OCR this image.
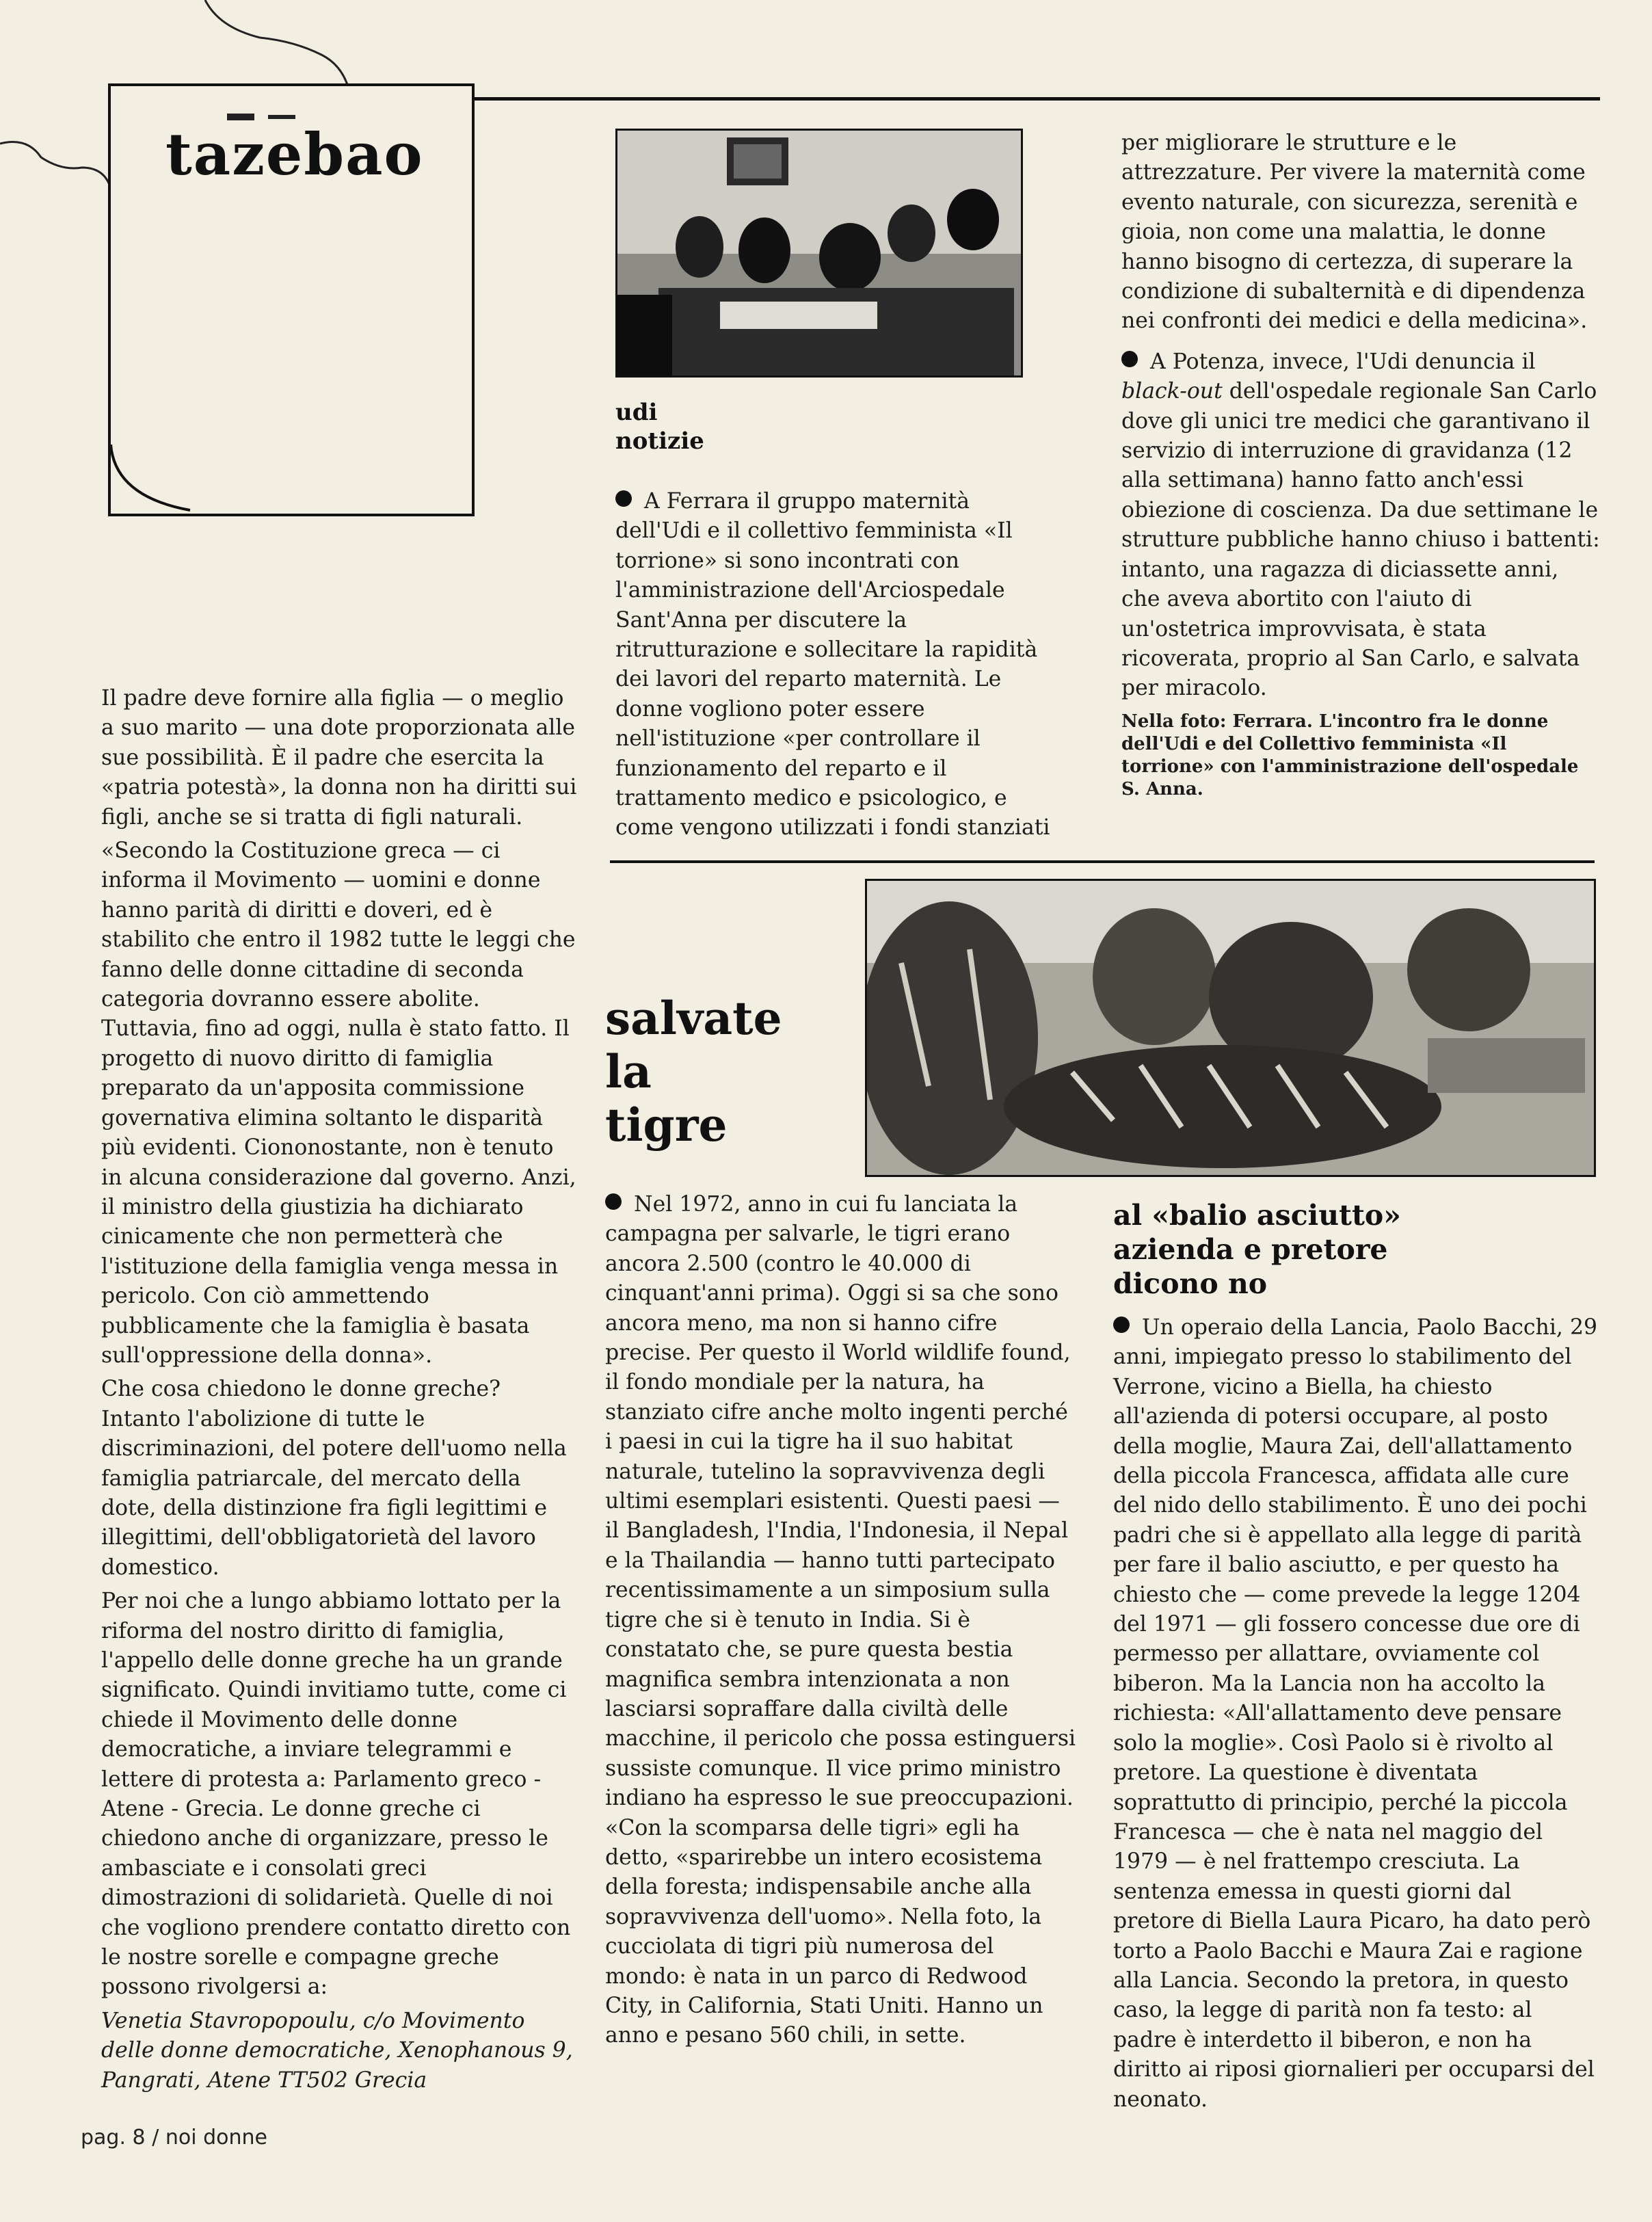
tazebao

Il padre deve fornire alla figlia — o meglio a suo marito — una dote proporzionata alle sue possibilità. È il padre che esercita la «patria potestà», la donna non ha diritti sui figli, anche se si tratta di figli naturali.

«Secondo la Costituzione greca — ci informa il Movimento — uomini e donne hanno parità di diritti e doveri, ed è stabilito che entro il 1982 tutte le leggi che fanno delle donne cittadine di seconda categoria dovranno essere abolite. Tuttavia, fino ad oggi, nulla è stato fatto. Il progetto di nuovo diritto di famiglia preparato da un'apposita commissione governativa elimina soltanto le disparità più evidenti. Ciononostante, non è tenuto in alcuna considerazione dal governo. Anzi, il ministro della giustizia ha dichiarato cinicamente che non permetterà che l'istituzione della famiglia venga messa in pericolo. Con ciò ammettendo pubblicamente che la famiglia è basata sull'oppressione della donna».

Che cosa chiedono le donne greche? Intanto l'abolizione di tutte le discriminazioni, del potere dell'uomo nella famiglia patriarcale, del mercato della dote, della distinzione fra figli legittimi e illegittimi, dell'obbligatorietà del lavoro domestico.

Per noi che a lungo abbiamo lottato per la riforma del nostro diritto di famiglia, l'appello delle donne greche ha un grande significato. Quindi invitiamo tutte, come ci chiede il Movimento delle donne democratiche, a inviare telegrammi e lettere di protesta a: Parlamento greco - Atene - Grecia. Le donne greche ci chiedono anche di organizzare, presso le ambasciate e i consolati greci dimostrazioni di solidarietà. Quelle di noi che vogliono prendere contatto diretto con le nostre sorelle e compagne greche possono rivolgersi a:

Venetia Stavropopoulu, c/o Movimento delle donne democratiche, Xenophanous 9, Pangrati, Atene TT502 Grecia

udi
notizie
A Ferrara il gruppo maternità dell'Udi e il collettivo femminista «Il torrione» si sono incontrati con l'amministrazione dell'Arciospedale Sant'Anna per discutere la ritrutturazione e sollecitare la rapidità dei lavori del reparto maternità. Le donne vogliono poter essere nell'istituzione «per controllare il funzionamento del reparto e il trattamento medico e psicologico, e come vengono utilizzati i fondi stanziati

per migliorare le strutture e le attrezzature. Per vivere la maternità come evento naturale, con sicurezza, serenità e gioia, non come una malattia, le donne hanno bisogno di certezza, di superare la condizione di subalternità e di dipendenza nei confronti dei medici e della medicina».

A Potenza, invece, l'Udi denuncia il black-out dell'ospedale regionale San Carlo dove gli unici tre medici che garantivano il servizio di interruzione di gravidanza (12 alla settimana) hanno fatto anch'essi obiezione di coscienza. Da due settimane le strutture pubbliche hanno chiuso i battenti: intanto, una ragazza di diciassette anni, che aveva abortito con l'aiuto di un'ostetrica improvvisata, è stata ricoverata, proprio al San Carlo, e salvata per miracolo.

Nella foto: Ferrara. L'incontro fra le donne dell'Udi e del Collettivo femminista «Il torrione» con l'amministrazione dell'ospedale S. Anna.
salvate
la
tigre
Nel 1972, anno in cui fu lanciata la campagna per salvarle, le tigri erano ancora 2.500 (contro le 40.000 di cinquant'anni prima). Oggi si sa che sono ancora meno, ma non si hanno cifre precise. Per questo il World wildlife found, il fondo mondiale per la natura, ha stanziato cifre anche molto ingenti perché i paesi in cui la tigre ha il suo habitat naturale, tutelino la sopravvivenza degli ultimi esemplari esistenti. Questi paesi — il Bangladesh, l'India, l'Indonesia, il Nepal e la Thailandia — hanno tutti partecipato recentissimamente a un simposium sulla tigre che si è tenuto in India. Si è constatato che, se pure questa bestia magnifica sembra intenzionata a non lasciarsi sopraffare dalla civiltà delle macchine, il pericolo che possa estinguersi sussiste comunque. Il vice primo ministro indiano ha espresso le sue preoccupazioni. «Con la scomparsa delle tigri» egli ha detto, «sparirebbe un intero ecosistema della foresta; indispensabile anche alla sopravvivenza dell'uomo». Nella foto, la cucciolata di tigri più numerosa del mondo: è nata in un parco di Redwood City, in California, Stati Uniti. Hanno un anno e pesano 560 chili, in sette.
al «balio asciutto» azienda e pretore dicono no
Un operaio della Lancia, Paolo Bacchi, 29 anni, impiegato presso lo stabilimento del Verrone, vicino a Biella, ha chiesto all'azienda di potersi occupare, al posto della moglie, Maura Zai, dell'allattamento della piccola Francesca, affidata alle cure del nido dello stabilimento. È uno dei pochi padri che si è appellato alla legge di parità per fare il balio asciutto, e per questo ha chiesto che — come prevede la legge 1204 del 1971 — gli fossero concesse due ore di permesso per allattare, ovviamente col biberon. Ma la Lancia non ha accolto la richiesta: «All'allattamento deve pensare solo la moglie». Così Paolo si è rivolto al pretore. La questione è diventata soprattutto di principio, perché la piccola Francesca — che è nata nel maggio del 1979 — è nel frattempo cresciuta. La sentenza emessa in questi giorni dal pretore di Biella Laura Picaro, ha dato però torto a Paolo Bacchi e Maura Zai e ragione alla Lancia. Secondo la pretora, in questo caso, la legge di parità non fa testo: al padre è interdetto il biberon, e non ha diritto ai riposi giornalieri per occuparsi del neonato.
pag. 8 / noi donne
